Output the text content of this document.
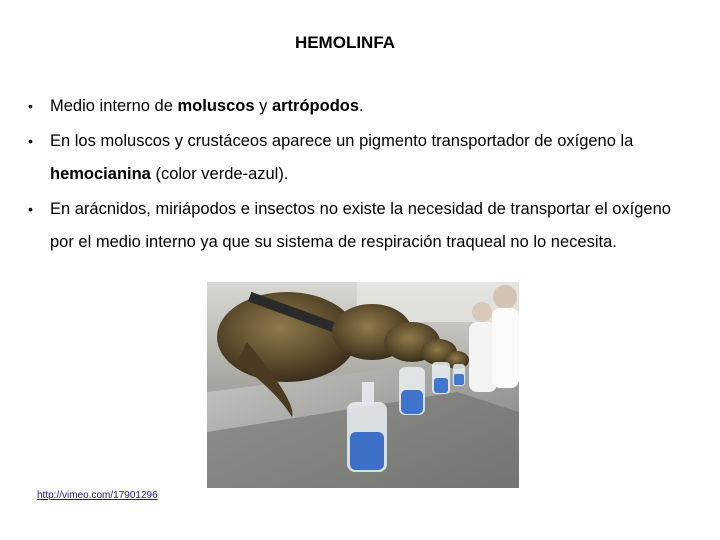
HEMOLINFA
• Medio interno de moluscos y artrópodos.
• En los moluscos y crustáceos aparece un pigmento transportador de oxígeno la hemocianina (color verde-azul).
• En arácnidos, miriápodos e insectos no existe la necesidad de transportar el oxígeno por el medio interno ya que su sistema de respiración traqueal no lo necesita.
http://vimeo.com/17901296
